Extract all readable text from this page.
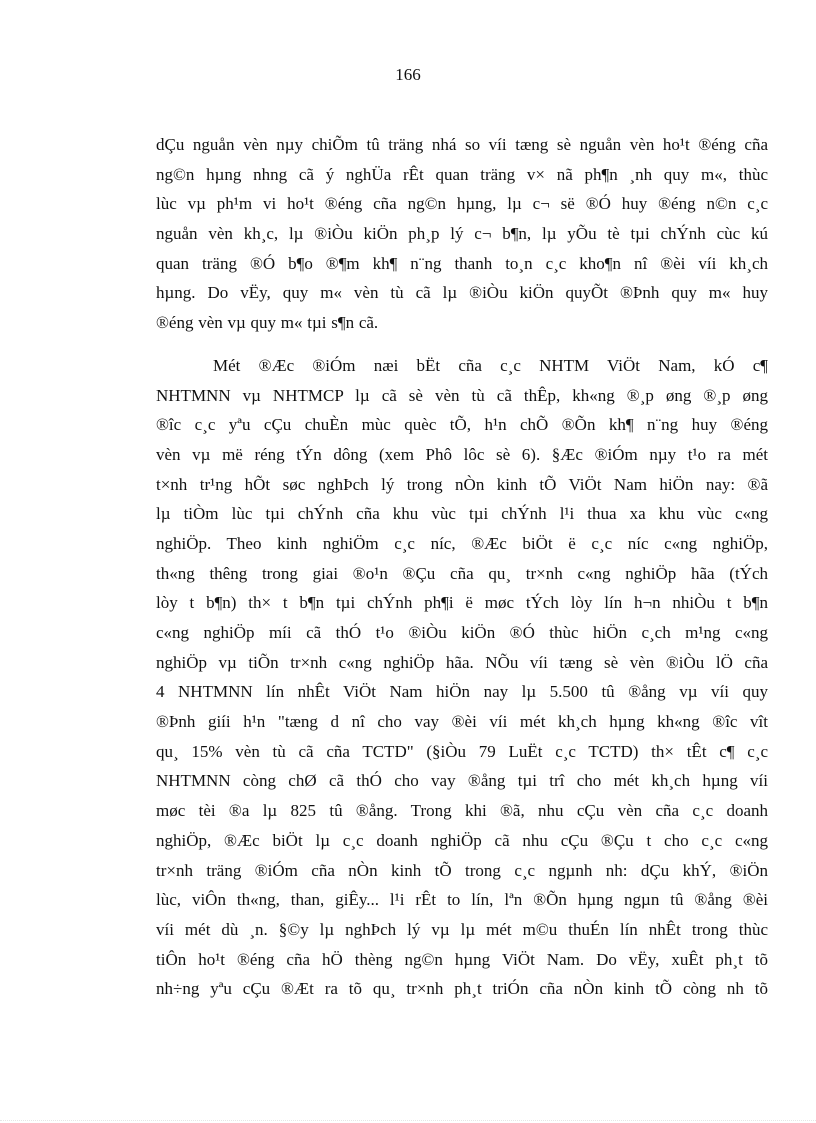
166
dÇu nguån vèn nµy chiÕm tû träng nhá so víi tæng sè nguån vèn ho¹t ®éng cña
ng©n hµng nhng cã ý nghÜa rÊt quan träng v× nã ph¶n ¸nh quy m«, thùc
lùc vµ ph¹m vi ho¹t ®éng cña ng©n hµng, lµ c¬ së ®Ó huy ®éng n©n c¸c
nguån vèn kh¸c, lµ ®iÒu kiÖn ph¸p lý c¬ b¶n, lµ yÕu tè tµi chÝnh cùc kú
quan träng ®Ó b¶o ®¶m kh¶ n¨ng thanh to¸n c¸c kho¶n nî ®èi víi kh¸ch
hµng. Do vËy, quy m« vèn tù cã lµ ®iÒu kiÖn quyÕt ®Þnh quy m« huy
®éng vèn vµ quy m« tµi s¶n cã.
Mét ®Æc ®iÓm næi bËt cña c¸c NHTM ViÖt Nam, kÓ c¶
NHTMNN vµ NHTMCP lµ cã sè vèn tù cã thÊp, kh«ng ®¸p øng ®¸p øng
®îc c¸c yªu cÇu chuÈn mùc quèc tÕ, h¹n chÕ ®Õn kh¶ n¨ng huy ®éng
vèn vµ më réng tÝn dông (xem Phô lôc sè 6). §Æc ®iÓm nµy t¹o ra mét
t×nh tr¹ng hÕt søc nghÞch lý trong nÒn kinh tÕ ViÖt Nam hiÖn nay: ®ã
lµ tiÒm lùc tµi chÝnh cña khu vùc tµi chÝnh l¹i thua xa khu vùc c«ng
nghiÖp. Theo kinh nghiÖm c¸c níc, ®Æc biÖt ë c¸c níc c«ng nghiÖp,
th«ng thêng trong giai ®o¹n ®Çu cña qu¸ tr×nh c«ng nghiÖp hãa (tÝch
lòy t b¶n) th× t b¶n tµi chÝnh ph¶i ë møc tÝch lòy lín h¬n nhiÒu t b¶n
c«ng nghiÖp míi cã thÓ t¹o ®iÒu kiÖn ®Ó thùc hiÖn c¸ch m¹ng c«ng
nghiÖp vµ tiÕn tr×nh c«ng nghiÖp hãa. NÕu víi tæng sè vèn ®iÒu lÖ cña
4 NHTMNN lín nhÊt ViÖt Nam hiÖn nay lµ 5.500 tû ®ång vµ víi quy
®Þnh giíi h¹n "tæng d nî cho vay ®èi víi mét kh¸ch hµng kh«ng ®îc vît
qu¸ 15% vèn tù cã cña TCTD" (§iÒu 79 LuËt c¸c TCTD) th× tÊt c¶ c¸c
NHTMNN còng chØ cã thÓ cho vay ®ång tµi trî cho mét kh¸ch hµng víi
møc tèi ®a lµ 825 tû ®ång. Trong khi ®ã, nhu cÇu vèn cña c¸c doanh
nghiÖp, ®Æc biÖt lµ c¸c doanh nghiÖp cã nhu cÇu ®Çu t cho c¸c c«ng
tr×nh träng ®iÓm cña nÒn kinh tÕ trong c¸c ngµnh nh: dÇu khÝ, ®iÖn
lùc, viÔn th«ng, than, giÊy... l¹i rÊt to lín, lªn ®Õn hµng ngµn tû ®ång ®èi
víi mét dù ¸n. §©y lµ nghÞch lý vµ lµ mét m©u thuÉn lín nhÊt trong thùc
tiÔn ho¹t ®éng cña hÖ thèng ng©n hµng ViÖt Nam. Do vËy, xuÊt ph¸t tõ
nh÷ng yªu cÇu ®Æt ra tõ qu¸ tr×nh ph¸t triÓn cña nÒn kinh tÕ còng nh tõ
